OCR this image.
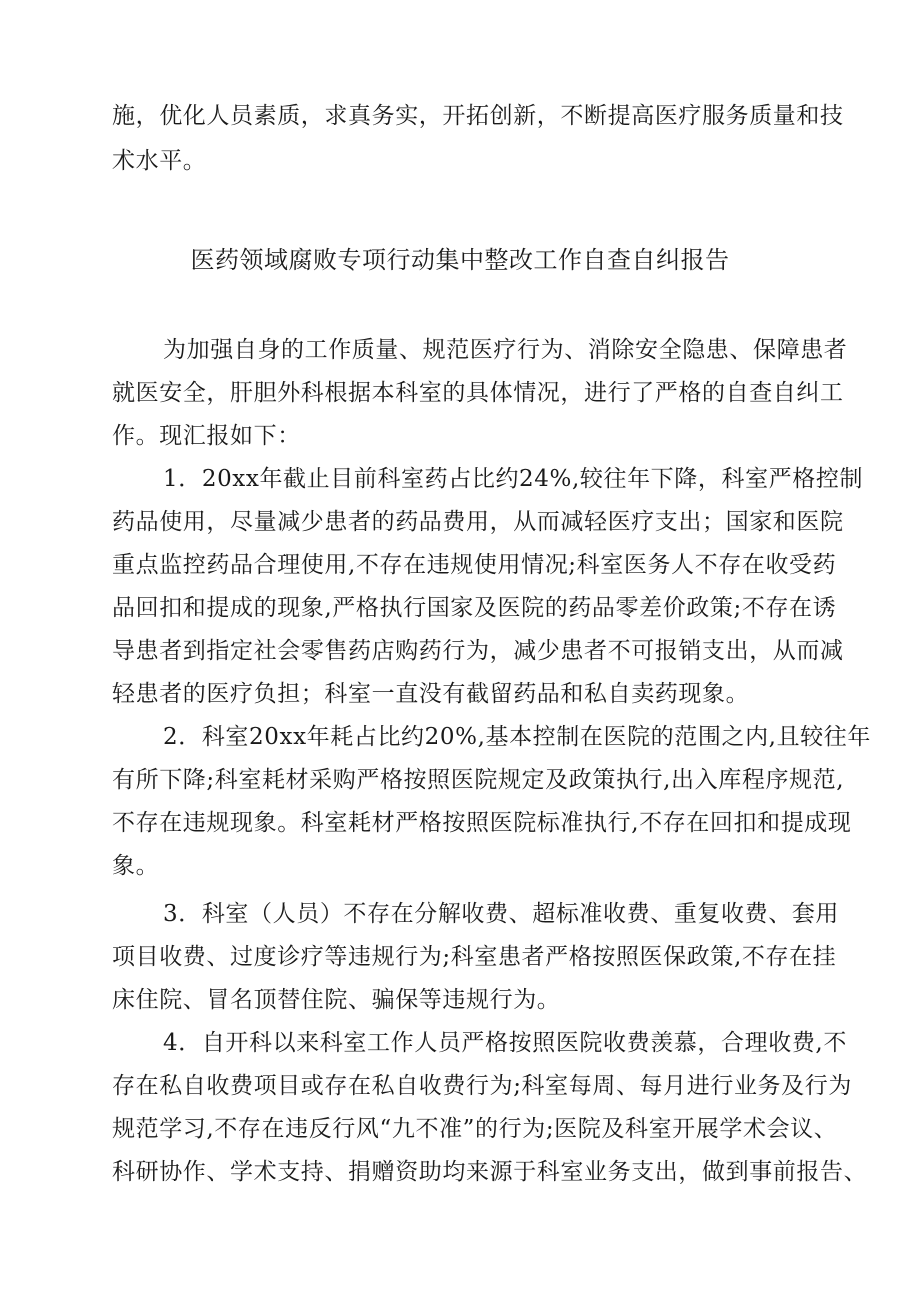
施，优化人员素质，求真务实，开拓创新，不断提高医疗服务质量和技
术水平。
医药领域腐败专项行动集中整改工作自查自纠报告
为加强自身的工作质量、规范医疗行为、消除安全隐患、保障患者
就医安全，肝胆外科根据本科室的具体情况，进行了严格的自查自纠工
作。现汇报如下：
1．20xx年截止目前科室药占比约24%,较往年下降，科室严格控制
药品使用，尽量减少患者的药品费用，从而减轻医疗支出；国家和医院
重点监控药品合理使用,不存在违规使用情况;科室医务人不存在收受药
品回扣和提成的现象,严格执行国家及医院的药品零差价政策;不存在诱
导患者到指定社会零售药店购药行为，减少患者不可报销支出，从而减
轻患者的医疗负担；科室一直没有截留药品和私自卖药现象。
2．科室20xx年耗占比约20%,基本控制在医院的范围之内,且较往年
有所下降;科室耗材采购严格按照医院规定及政策执行,出入库程序规范,
不存在违规现象。科室耗材严格按照医院标准执行,不存在回扣和提成现
象。
3．科室（人员）不存在分解收费、超标准收费、重复收费、套用
项目收费、过度诊疗等违规行为;科室患者严格按照医保政策,不存在挂
床住院、冒名顶替住院、骗保等违规行为。
4．自开科以来科室工作人员严格按照医院收费羡慕，合理收费,不
存在私自收费项目或存在私自收费行为;科室每周、每月进行业务及行为
规范学习,不存在违反行风“九不准”的行为;医院及科室开展学术会议、
科研协作、学术支持、捐赠资助均来源于科室业务支出，做到事前报告、
